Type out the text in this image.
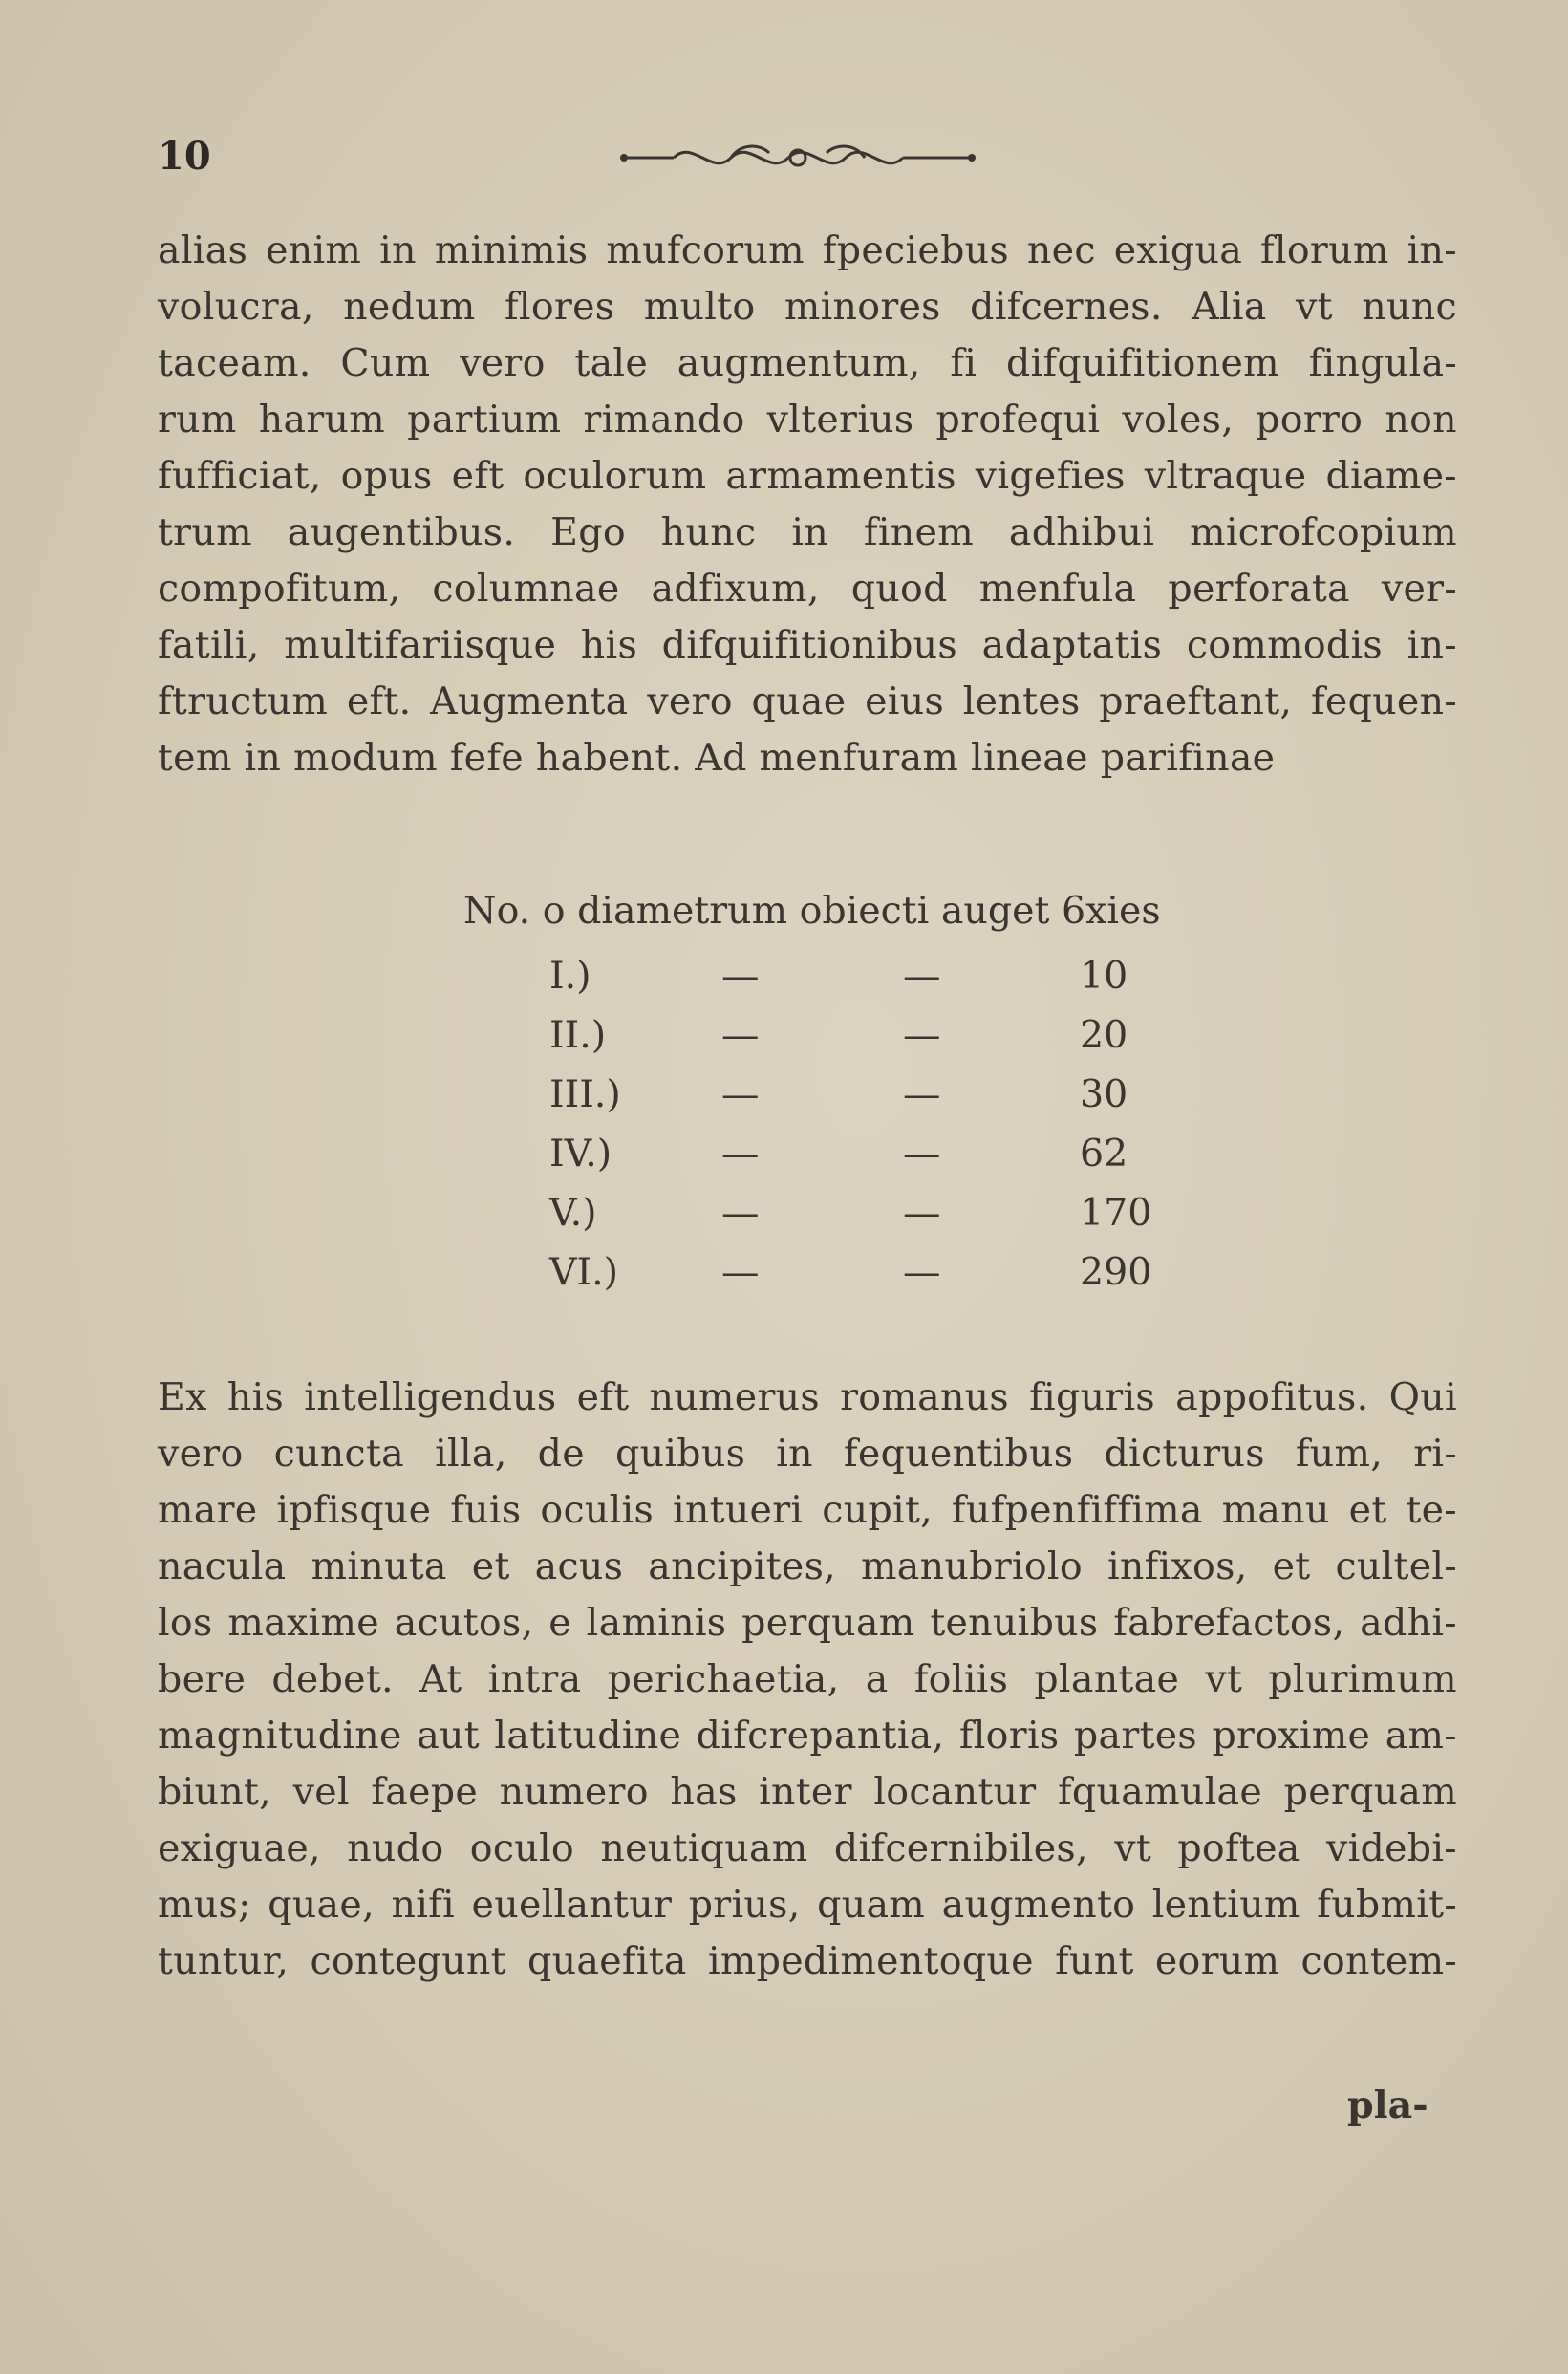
10
alias enim in minimis mufcorum fpeciebus nec exigua florum in-
volucra, nedum flores multo minores difcernes. Alia vt nunc
taceam. Cum vero tale augmentum, fi difquifitionem fingula-
rum harum partium rimando vlterius profequi voles, porro non
fufficiat, opus eft oculorum armamentis vigefies vltraque diame-
trum augentibus. Ego hunc in finem adhibui microfcopium
compofitum, columnae adfixum, quod menfula perforata ver-
fatili, multifariisque his difquifitionibus adaptatis commodis in-
ftructum eft. Augmenta vero quae eius lentes praeftant, fequen-
tem in modum fefe habent. Ad menfuram lineae parifinae
No. o diametrum obiecti auget 6xies
I.)	—	—	10
II.)	—	—	20
III.)	—	—	30
IV.)	—	—	62
V.)	—	—	170
VI.)	—	—	290
Ex his intelligendus eft numerus romanus figuris appofitus. Qui
vero cuncta illa, de quibus in fequentibus dicturus fum, ri-
mare ipfisque fuis oculis intueri cupit, fufpenfiffima manu et te-
nacula minuta et acus ancipites, manubriolo infixos, et cultel-
los maxime acutos, e laminis perquam tenuibus fabrefactos, adhi-
bere debet. At intra perichaetia, a foliis plantae vt plurimum
magnitudine aut latitudine difcrepantia, floris partes proxime am-
biunt, vel faepe numero has inter locantur fquamulae perquam
exiguae, nudo oculo neutiquam difcernibiles, vt poftea videbi-
mus; quae, nifi euellantur prius, quam augmento lentium fubmit-
tuntur, contegunt quaefita impedimentoque funt eorum contem-
pla-
